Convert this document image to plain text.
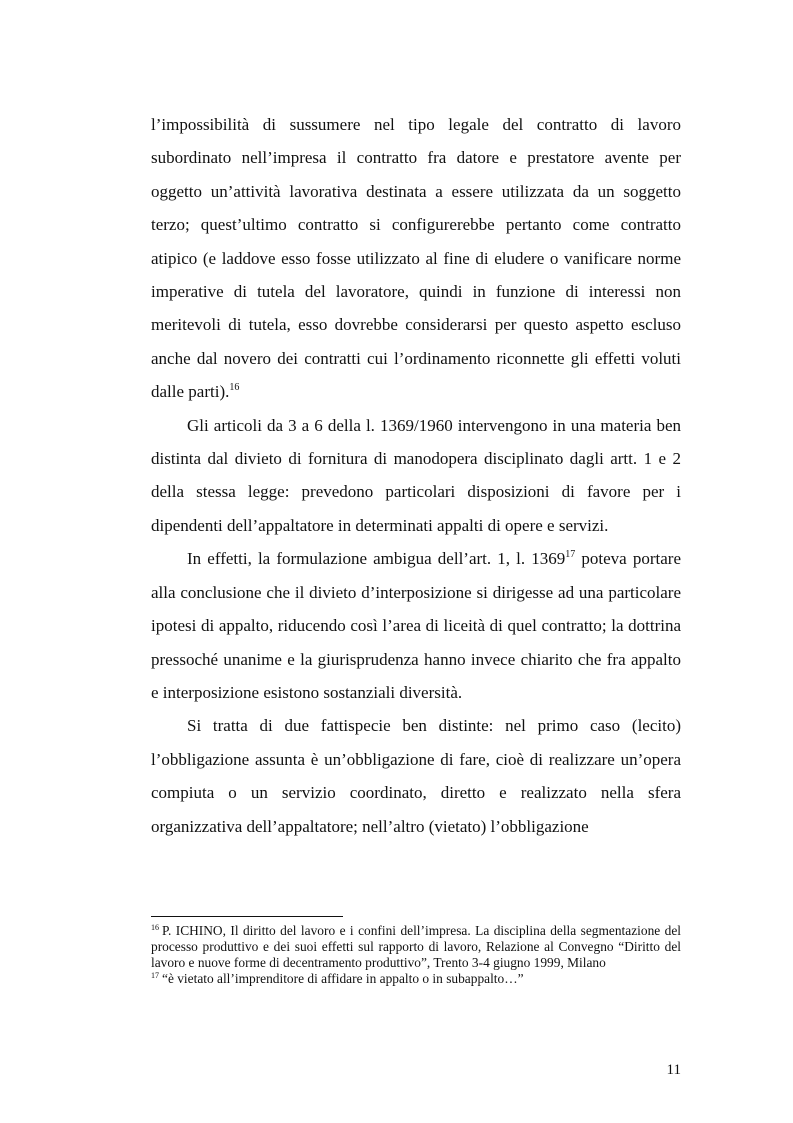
l’impossibilità di sussumere nel tipo legale del contratto di lavoro subordinato nell’impresa il contratto fra datore e prestatore avente per oggetto un’attività lavorativa destinata a essere utilizzata da un soggetto terzo; quest’ultimo contratto si configurerebbe pertanto come contratto atipico (e laddove esso fosse utilizzato al fine di eludere o vanificare norme imperative di tutela del lavoratore, quindi in funzione di interessi non meritevoli di tutela, esso dovrebbe considerarsi per questo aspetto escluso anche dal novero dei contratti cui l’ordinamento riconnette gli effetti voluti dalle parti).$^{16}$

Gli articoli da 3 a 6 della l. 1369/1960 intervengono in una materia ben distinta dal divieto di fornitura di manodopera disciplinato dagli artt. 1 e 2 della stessa legge: prevedono particolari disposizioni di favore per i dipendenti dell’appaltatore in determinati appalti di opere e servizi.

In effetti, la formulazione ambigua dell’art. 1, l. 1369$^{17}$ poteva portare alla conclusione che il divieto d’interposizione si dirigesse ad una particolare ipotesi di appalto, riducendo così l’area di liceità di quel contratto; la dottrina pressoché unanime e la giurisprudenza hanno invece chiarito che fra appalto e interposizione esistono sostanziali diversità.

Si tratta di due fattispecie ben distinte: nel primo caso (lecito) l’obbligazione assunta è un’obbligazione di fare, cioè di realizzare un’opera compiuta o un servizio coordinato, diretto e realizzato nella sfera organizzativa dell’appaltatore; nell’altro (vietato) l’obbligazione

$^{16}$ P. ICHINO, Il diritto del lavoro e i confini dell’impresa. La disciplina della segmentazione del processo produttivo e dei suoi effetti sul rapporto di lavoro, Relazione al Convegno “Diritto del lavoro e nuove forme di decentramento produttivo”, Trento 3-4 giugno 1999, Milano

$^{17}$ “è vietato all’imprenditore di affidare in appalto o in subappalto…”

11
